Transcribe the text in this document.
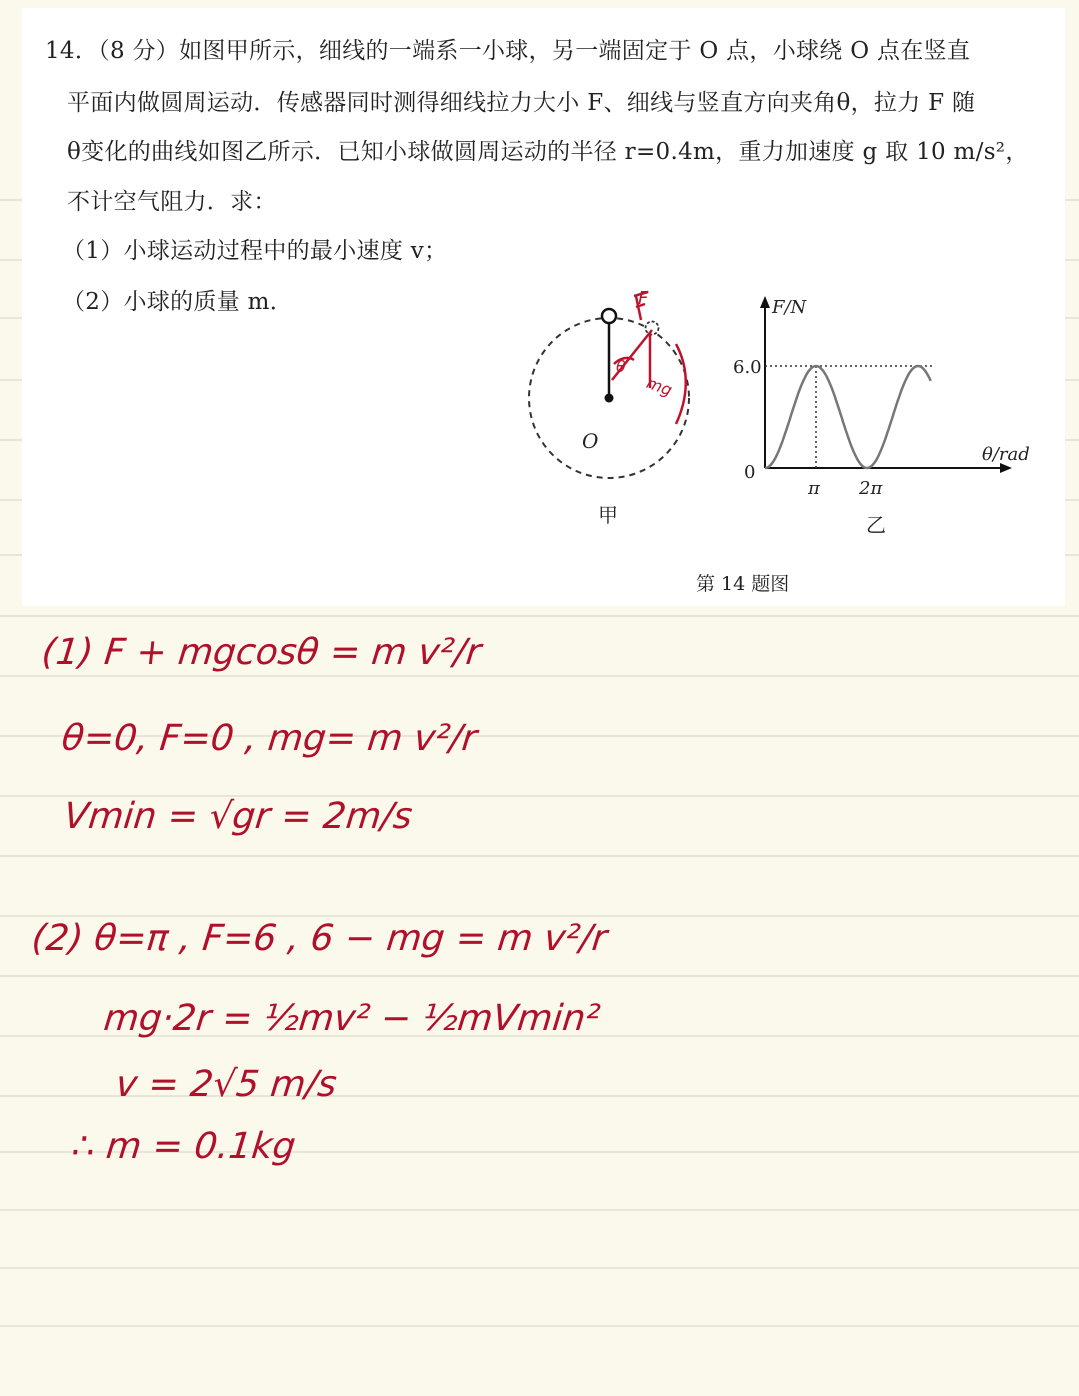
14．（8 分）如图甲所示，细线的一端系一小球，另一端固定于 O 点，小球绕 O 点在竖直
平面内做圆周运动．传感器同时测得细线拉力大小 F、细线与竖直方向夹角θ，拉力 F 随
θ变化的曲线如图乙所示．已知小球做圆周运动的半径 r=0.4m，重力加速度 g 取 10 m/s²，
不计空气阻力．求：
（1）小球运动过程中的最小速度 v；
（2）小球的质量 m．
O
甲
θ
F
mg
F/N
θ/rad
6.0
0
π 2π
乙
第 14 题图
(1) F + mgcosθ = m v²/r
θ=0, F=0 , mg= m v²/r
Vmin = √gr = 2m/s
(2) θ=π , F=6 , 6 − mg = m v²/r
mg·2r = ½mv² − ½mVmin²
v = 2√5 m/s
∴ m = 0.1kg
